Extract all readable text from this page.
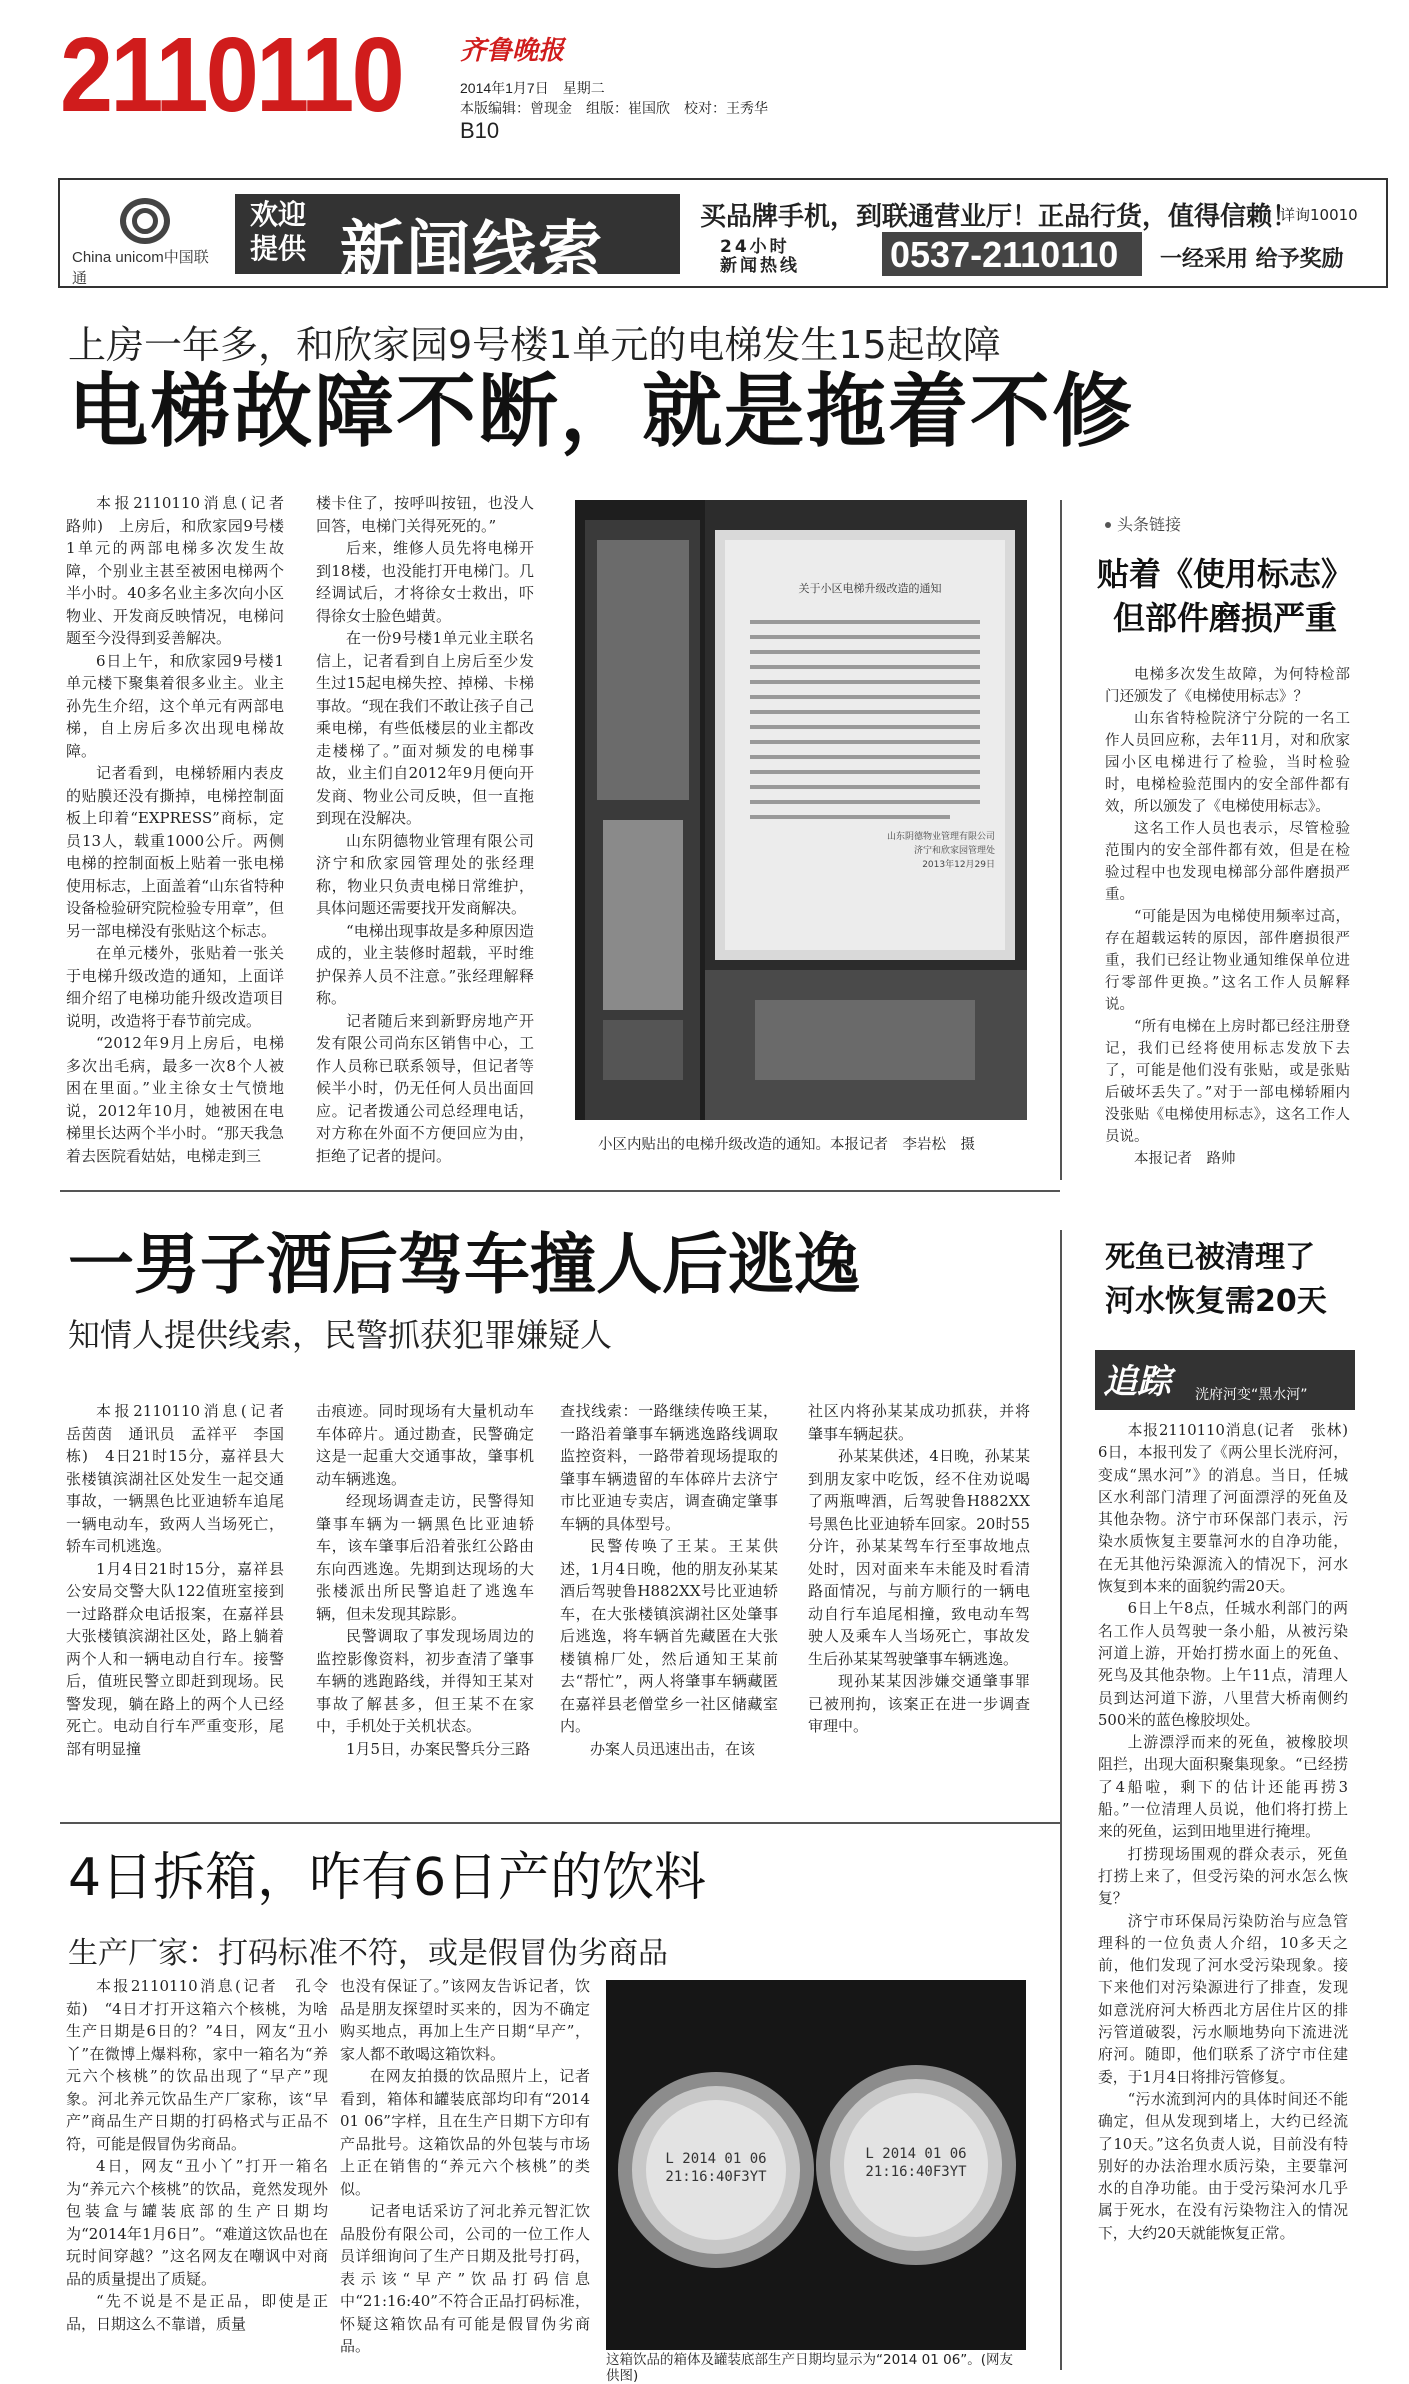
2110110 齐鲁晚报
2014年1月7日　星期二
本版编辑：曾现金　组版：崔国欣　校对：王秀华
B10
China unicom中国联通
欢迎
提供 新闻线索	买品牌手机，到联通营业厅！正品行货，值得信赖！
详询10010
24小时
新闻热线	0537-2110110 一经采用 给予奖励
上房一年多，和欣家园9号楼1单元的电梯发生15起故障
电梯故障不断，就是拖着不修

本报2110110消息(记者　路帅)　上房后，和欣家园9号楼1单元的两部电梯多次发生故障，个别业主甚至被困电梯两个半小时。40多名业主多次向小区物业、开发商反映情况，电梯问题至今没得到妥善解决。

6日上午，和欣家园9号楼1单元楼下聚集着很多业主。业主孙先生介绍，这个单元有两部电梯，自上房后多次出现电梯故障。

记者看到，电梯轿厢内表皮的贴膜还没有撕掉，电梯控制面板上印着“EXPRESS”商标，定员13人，载重1000公斤。两侧电梯的控制面板上贴着一张电梯使用标志，上面盖着“山东省特种设备检验研究院检验专用章”，但另一部电梯没有张贴这个标志。

在单元楼外，张贴着一张关于电梯升级改造的通知，上面详细介绍了电梯功能升级改造项目说明，改造将于春节前完成。

“2012年9月上房后，电梯多次出毛病，最多一次8个人被困在里面。”业主徐女士气愤地说，2012年10月，她被困在电梯里长达两个半小时。“那天我急着去医院看姑姑，电梯走到三

楼卡住了，按呼叫按钮，也没人回答，电梯门关得死死的。”

后来，维修人员先将电梯开到18楼，也没能打开电梯门。几经调试后，才将徐女士救出，吓得徐女士脸色蜡黄。

在一份9号楼1单元业主联名信上，记者看到自上房后至少发生过15起电梯失控、掉梯、卡梯事故。“现在我们不敢让孩子自己乘电梯，有些低楼层的业主都改走楼梯了。”面对频发的电梯事故，业主们自2012年9月便向开发商、物业公司反映，但一直拖到现在没解决。

山东阴德物业管理有限公司济宁和欣家园管理处的张经理称，物业只负责电梯日常维护，具体问题还需要找开发商解决。

“电梯出现事故是多种原因造成的，业主装修时超载，平时维护保养人员不注意。”张经理解释称。

记者随后来到新野房地产开发有限公司尚东区销售中心，工作人员称已联系领导，但记者等候半小时，仍无任何人员出面回应。记者拨通公司总经理电话，对方称在外面不方便回应为由，拒绝了记者的提问。

关于小区电梯升级改造的通知
山东阴德物业管理有限公司
济宁和欣家园管理处
2013年12月29日
小区内贴出的电梯升级改造的通知。本报记者　李岩松　摄
头条链接
贴着《使用标志》
但部件磨损严重

电梯多次发生故障，为何特检部门还颁发了《电梯使用标志》？

山东省特检院济宁分院的一名工作人员回应称，去年11月，对和欣家园小区电梯进行了检验，当时检验时，电梯检验范围内的安全部件都有效，所以颁发了《电梯使用标志》。

这名工作人员也表示，尽管检验范围内的安全部件都有效，但是在检验过程中也发现电梯部分部件磨损严重。

“可能是因为电梯使用频率过高，存在超载运转的原因，部件磨损很严重，我们已经让物业通知维保单位进行零部件更换。”这名工作人员解释说。

“所有电梯在上房时都已经注册登记，我们已经将使用标志发放下去了，可能是他们没有张贴，或是张贴后破坏丢失了。”对于一部电梯轿厢内没张贴《电梯使用标志》，这名工作人员说。

本报记者　路帅

一男子酒后驾车撞人后逃逸
知情人提供线索，民警抓获犯罪嫌疑人

本报2110110消息(记者　岳茵茵　通讯员　孟祥平　李国栋)　4日21时15分，嘉祥县大张楼镇滨湖社区处发生一起交通事故，一辆黑色比亚迪轿车追尾一辆电动车，致两人当场死亡，轿车司机逃逸。

1月4日21时15分，嘉祥县公安局交警大队122值班室接到一过路群众电话报案，在嘉祥县大张楼镇滨湖社区处，路上躺着两个人和一辆电动自行车。接警后，值班民警立即赶到现场。民警发现，躺在路上的两个人已经死亡。电动自行车严重变形，尾部有明显撞

击痕迹。同时现场有大量机动车车体碎片。通过勘查，民警确定这是一起重大交通事故，肇事机动车辆逃逸。

经现场调查走访，民警得知肇事车辆为一辆黑色比亚迪轿车，该车肇事后沿着张红公路由东向西逃逸。先期到达现场的大张楼派出所民警追赶了逃逸车辆，但未发现其踪影。

民警调取了事发现场周边的监控影像资料，初步查清了肇事车辆的逃跑路线，并得知王某对事故了解甚多，但王某不在家中，手机处于关机状态。

1月5日，办案民警兵分三路

查找线索：一路继续传唤王某，一路沿着肇事车辆逃逸路线调取监控资料，一路带着现场提取的肇事车辆遗留的车体碎片去济宁市比亚迪专卖店，调查确定肇事车辆的具体型号。

民警传唤了王某。王某供述，1月4日晚，他的朋友孙某某酒后驾驶鲁H882XX号比亚迪轿车，在大张楼镇滨湖社区处肇事后逃逸，将车辆首先藏匿在大张楼镇棉厂处，然后通知王某前去“帮忙”，两人将肇事车辆藏匿在嘉祥县老僧堂乡一社区储藏室内。

办案人员迅速出击，在该

社区内将孙某某成功抓获，并将肇事车辆起获。

孙某某供述，4日晚，孙某某到朋友家中吃饭，经不住劝说喝了两瓶啤酒，后驾驶鲁H882XX号黑色比亚迪轿车回家。20时55分许，孙某某驾车行至事故地点处时，因对面来车未能及时看清路面情况，与前方顺行的一辆电动自行车追尾相撞，致电动车驾驶人及乘车人当场死亡，事故发生后孙某某驾驶肇事车辆逃逸。

现孙某某因涉嫌交通肇事罪已被刑拘，该案正在进一步调查审理中。

4日拆箱，咋有6日产的饮料
生产厂家：打码标准不符，或是假冒伪劣商品

本报2110110消息(记者　孔令茹)　“4日才打开这箱六个核桃，为啥生产日期是6日的？”4日，网友“丑小丫”在微博上爆料称，家中一箱名为“养元六个核桃”的饮品出现了“早产”现象。河北养元饮品生产厂家称，该“早产”商品生产日期的打码格式与正品不符，可能是假冒伪劣商品。

4日，网友“丑小丫”打开一箱名为“养元六个核桃”的饮品，竟然发现外包装盒与罐装底部的生产日期均为“2014年1月6日”。“难道这饮品也在玩时间穿越？”这名网友在嘲讽中对商品的质量提出了质疑。

“先不说是不是正品，即使是正品，日期这么不靠谱，质量

也没有保证了。”该网友告诉记者，饮品是朋友探望时买来的，因为不确定购买地点，再加上生产日期“早产”，家人都不敢喝这箱饮料。

在网友拍摄的饮品照片上，记者看到，箱体和罐装底部均印有“2014 01 06”字样，且在生产日期下方印有产品批号。这箱饮品的外包装与市场上正在销售的“养元六个核桃”的类似。

记者电话采访了河北养元智汇饮品股份有限公司，公司的一位工作人员详细询问了生产日期及批号打码，表示该“早产”饮品打码信息中“21:16:40”不符合正品打码标准，怀疑这箱饮品有可能是假冒伪劣商品。

L 2014 01 06
21:16:40F3YT
L 2014 01 06
21:16:40F3YT
这箱饮品的箱体及罐装底部生产日期均显示为“2014 01 06”。(网友供图)
死鱼已被清理了
河水恢复需20天
追踪 洸府河变“黑水河”

本报2110110消息(记者　张林)　6日，本报刊发了《两公里长洸府河，变成“黑水河”》的消息。当日，任城区水利部门清理了河面漂浮的死鱼及其他杂物。济宁市环保部门表示，污染水质恢复主要靠河水的自净功能，在无其他污染源流入的情况下，河水恢复到本来的面貌约需20天。

6日上午8点，任城水利部门的两名工作人员驾驶一条小船，从被污染河道上游，开始打捞水面上的死鱼、死鸟及其他杂物。上午11点，清理人员到达河道下游，八里营大桥南侧约500米的蓝色橡胶坝处。

上游漂浮而来的死鱼，被橡胶坝阻拦，出现大面积聚集现象。“已经捞了4船啦，剩下的估计还能再捞3船。”一位清理人员说，他们将打捞上来的死鱼，运到田地里进行掩埋。

打捞现场围观的群众表示，死鱼打捞上来了，但受污染的河水怎么恢复？

济宁市环保局污染防治与应急管理科的一位负责人介绍，10多天之前，他们发现了河水受污染现象。接下来他们对污染源进行了排查，发现如意洸府河大桥西北方居住片区的排污管道破裂，污水顺地势向下流进洸府河。随即，他们联系了济宁市住建委，于1月4日将排污管修复。

“污水流到河内的具体时间还不能确定，但从发现到堵上，大约已经流了10天。”这名负责人说，目前没有特别好的办法治理水质污染，主要靠河水的自净功能。由于受污染河水几乎属于死水，在没有污染物注入的情况下，大约20天就能恢复正常。
